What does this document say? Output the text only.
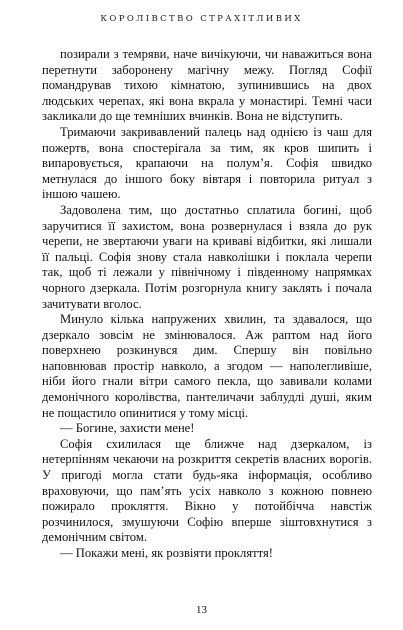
КОРОЛІВСТВО СТРАХІТЛИВИХ

позирали з темряви, наче вичікуючи, чи наважиться вона перетнути заборонену магічну межу. Погляд Софії помандрував тихою кімнатою, зупинившись на двох людських черепах, які вона вкрала у монастирі. Темні часи закликали до ще темніших вчинків. Вона не відступить.

Тримаючи закривавлений палець над однією із чаш для пожертв, вона спостерігала за тим, як кров шипить і випаровується, крапаючи на полум’я. Софія швидко метнулася до іншого боку вівтаря і повторила ритуал з іншою чашею.

Задоволена тим, що достатньо сплатила богині, щоб заручитися її захистом, вона розвернулася і взяла до рук черепи, не звертаючи уваги на криваві відбитки, які лишали її пальці. Софія знову стала навколішки і поклала черепи так, щоб ті лежали у північному і південному напрямках чорного дзеркала. Потім розгорнула книгу заклять і почала зачитувати вголос.

Минуло кілька напружених хвилин, та здавалося, що дзеркало зовсім не змінювалося. Аж раптом над його поверхнею розкинувся дим. Спершу він повільно наповнював простір навколо, а згодом — наполегливіше, ніби його гнали вітри самого пекла, що завивали колами демонічного королівства, пантеличачи заблудлі душі, яким не пощастило опинитися у тому місці.

— Богине, захисти мене!

Софія схилилася ще ближче над дзеркалом, із нетерпінням чекаючи на розкриття секретів власних ворогів. У пригоді могла стати будь-яка інформація, особливо враховуючи, що пам’ять усіх навколо з кожною повнею пожирало прокляття. Вікно у потойбічча навстіж розчинилося, змушуючи Софію вперше зіштовхнутися з демонічним світом.

— Покажи мені, як розвіяти прокляття!

13
